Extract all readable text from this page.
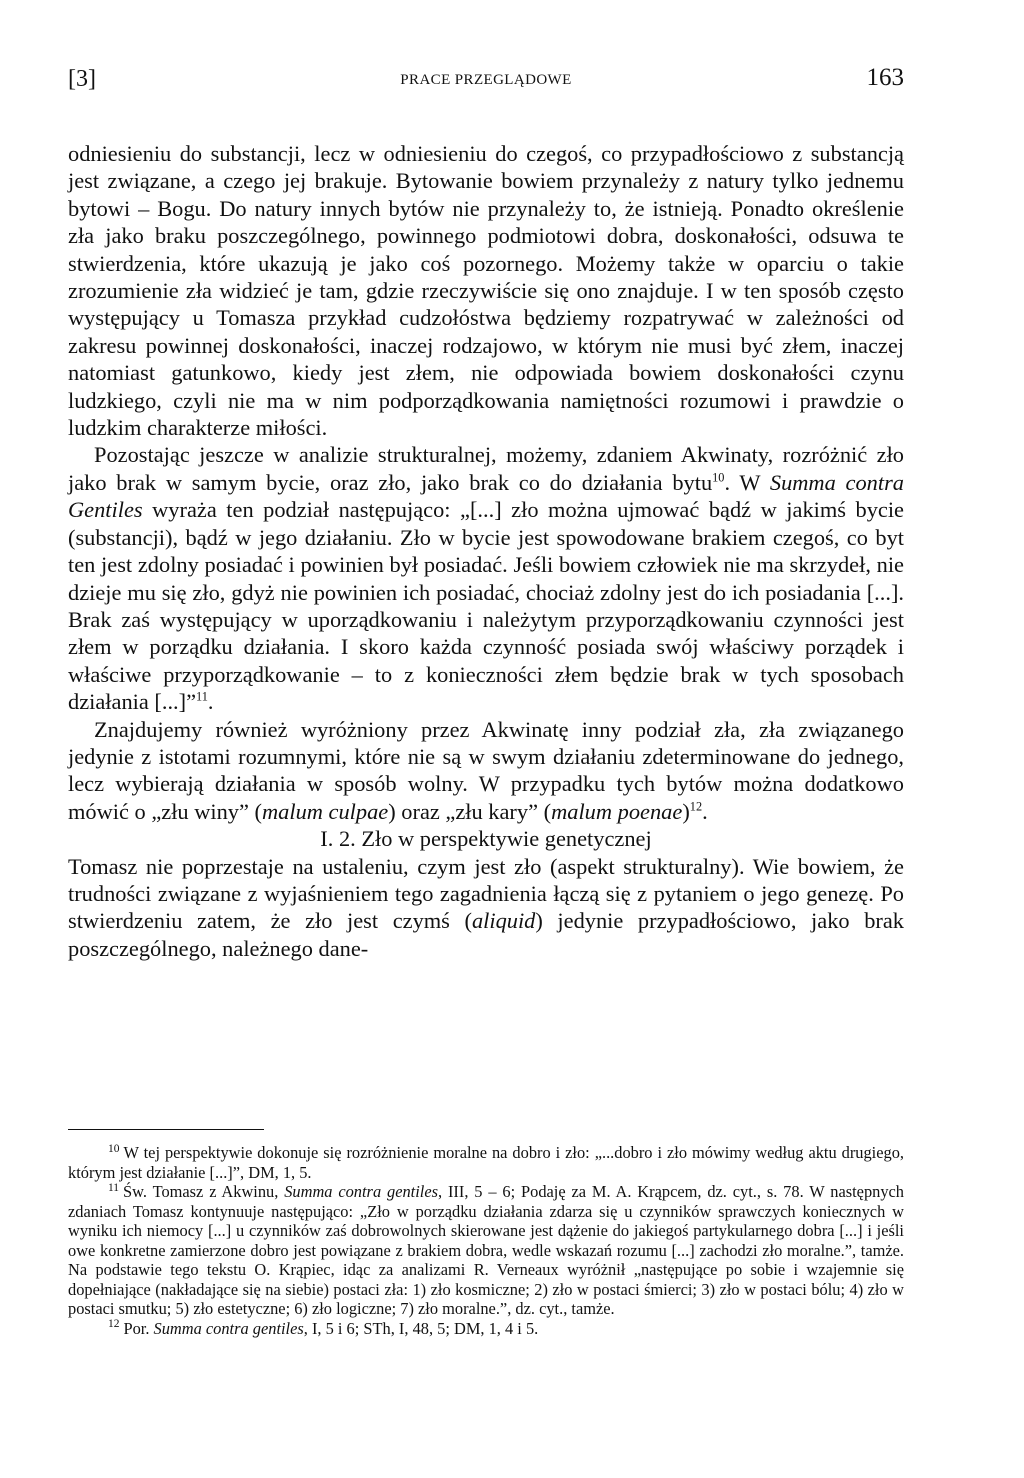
[3]	PRACE PRZEGLĄDOWE	163

odniesieniu do substancji, lecz w odniesieniu do czegoś, co przypadłościowo z substancją jest związane, a czego jej brakuje. Bytowanie bowiem przynależy z natury tylko jednemu bytowi – Bogu. Do natury innych bytów nie przynależy to, że istnieją. Ponadto określenie zła jako braku poszczególnego, powinnego podmiotowi dobra, doskonałości, odsuwa te stwierdzenia, które ukazują je jako coś pozornego. Możemy także w oparciu o takie zrozumienie zła widzieć je tam, gdzie rzeczywiście się ono znajduje. I w ten sposób często występujący u Tomasza przykład cudzołóstwa będziemy rozpatrywać w zależności od zakresu powinnej doskonałości, inaczej rodzajowo, w którym nie musi być złem, inaczej natomiast gatunkowo, kiedy jest złem, nie odpowiada bowiem doskonałości czynu ludzkiego, czyli nie ma w nim podporządkowania namiętności rozumowi i prawdzie o ludzkim charakterze miłości.

Pozostając jeszcze w analizie strukturalnej, możemy, zdaniem Akwinaty, rozróżnić zło jako brak w samym bycie, oraz zło, jako brak co do działania bytu$^{10}$. W Summa contra Gentiles wyraża ten podział następująco: „[...] zło można ujmować bądź w jakimś bycie (substancji), bądź w jego działaniu. Zło w bycie jest spowodowane brakiem czegoś, co byt ten jest zdolny posiadać i powinien był posiadać. Jeśli bowiem człowiek nie ma skrzydeł, nie dzieje mu się zło, gdyż nie powinien ich posiadać, chociaż zdolny jest do ich posiadania [...]. Brak zaś występujący w uporządkowaniu i należytym przyporządkowaniu czynności jest złem w porządku działania. I skoro każda czynność posiada swój właściwy porządek i właściwe przyporządkowanie – to z konieczności złem będzie brak w tych sposobach działania [...]”$^{11}$.

Znajdujemy również wyróżniony przez Akwinatę inny podział zła, zła związanego jedynie z istotami rozumnymi, które nie są w swym działaniu zdeterminowane do jednego, lecz wybierają działania w sposób wolny. W przypadku tych bytów można dodatkowo mówić o „złu winy” (malum culpae) oraz „złu kary” (malum poenae)$^{12}$.

I. 2. Zło w perspektywie genetycznej

Tomasz nie poprzestaje na ustaleniu, czym jest zło (aspekt strukturalny). Wie bowiem, że trudności związane z wyjaśnieniem tego zagadnienia łączą się z pytaniem o jego genezę. Po stwierdzeniu zatem, że zło jest czymś (aliquid) jedynie przypadłościowo, jako brak poszczególnego, należnego dane-

$^{10}$ W tej perspektywie dokonuje się rozróżnienie moralne na dobro i zło: „...dobro i zło mówimy według aktu drugiego, którym jest działanie [...]”, DM, 1, 5.

$^{11}$ Św. Tomasz z Akwinu, Summa contra gentiles, III, 5 – 6; Podaję za M. A. Krąpcem, dz. cyt., s. 78. W następnych zdaniach Tomasz kontynuuje następująco: „Zło w porządku działania zdarza się u czynników sprawczych koniecznych w wyniku ich niemocy [...] u czynników zaś dobrowolnych skierowane jest dążenie do jakiegoś partykularnego dobra [...] i jeśli owe konkretne zamierzone dobro jest powiązane z brakiem dobra, wedle wskazań rozumu [...] zachodzi zło moralne.”, tamże. Na podstawie tego tekstu O. Krąpiec, idąc za analizami R. Verneaux wyróżnił „następujące po sobie i wzajemnie się dopełniające (nakładające się na siebie) postaci zła: 1) zło kosmiczne; 2) zło w postaci śmierci; 3) zło w postaci bólu; 4) zło w postaci smutku; 5) zło estetyczne; 6) zło logiczne; 7) zło moralne.”, dz. cyt., tamże.

$^{12}$ Por. Summa contra gentiles, I, 5 i 6; STh, I, 48, 5; DM, 1, 4 i 5.
